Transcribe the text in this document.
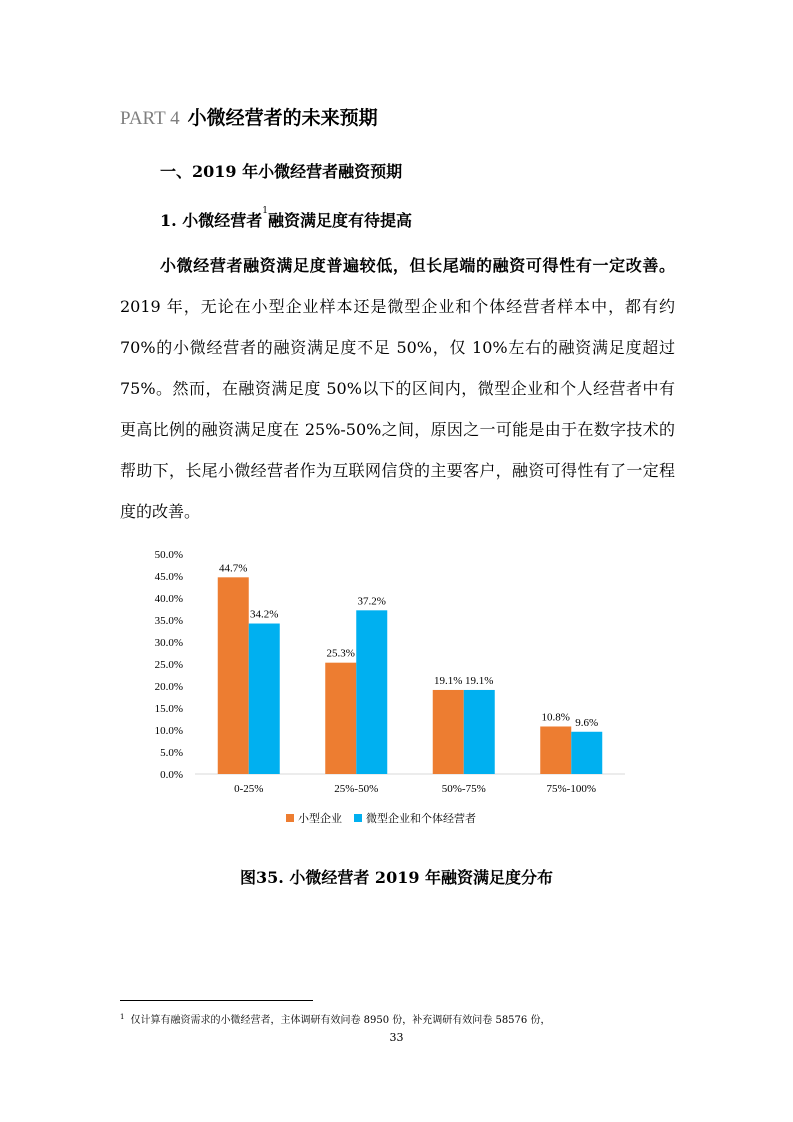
PART 4 小微经营者的未来预期
一、2019 年小微经营者融资预期
1. 小微经营者$^1$融资满足度有待提高
小微经营者融资满足度普遍较低，但长尾端的融资可得性有一定改善。2019 年，无论在小型企业样本还是微型企业和个体经营者样本中，都有约 70%的小微经营者的融资满足度不足 50%，仅 10%左右的融资满足度超过 75%。然而，在融资满足度 50%以下的区间内，微型企业和个人经营者中有更高比例的融资满足度在 25%-50%之间，原因之一可能是由于在数字技术的帮助下，长尾小微经营者作为互联网信贷的主要客户，融资可得性有了一定程度的改善。
0.0%
5.0%
10.0%
15.0%
20.0%
25.0%
30.0%
35.0%
40.0%
45.0%
50.0%
44.7%
34.2%
25.3%
37.2%
19.1% 19.1%
10.8% 9.6%
0-25%	25%-50%	50%-75%	75%-100%
小型企业 微型企业和个体经营者
图35. 小微经营者 2019 年融资满足度分布
$^1$ 仅计算有融资需求的小微经营者，主体调研有效问卷 8950 份，补充调研有效问卷 58576 份，
33
